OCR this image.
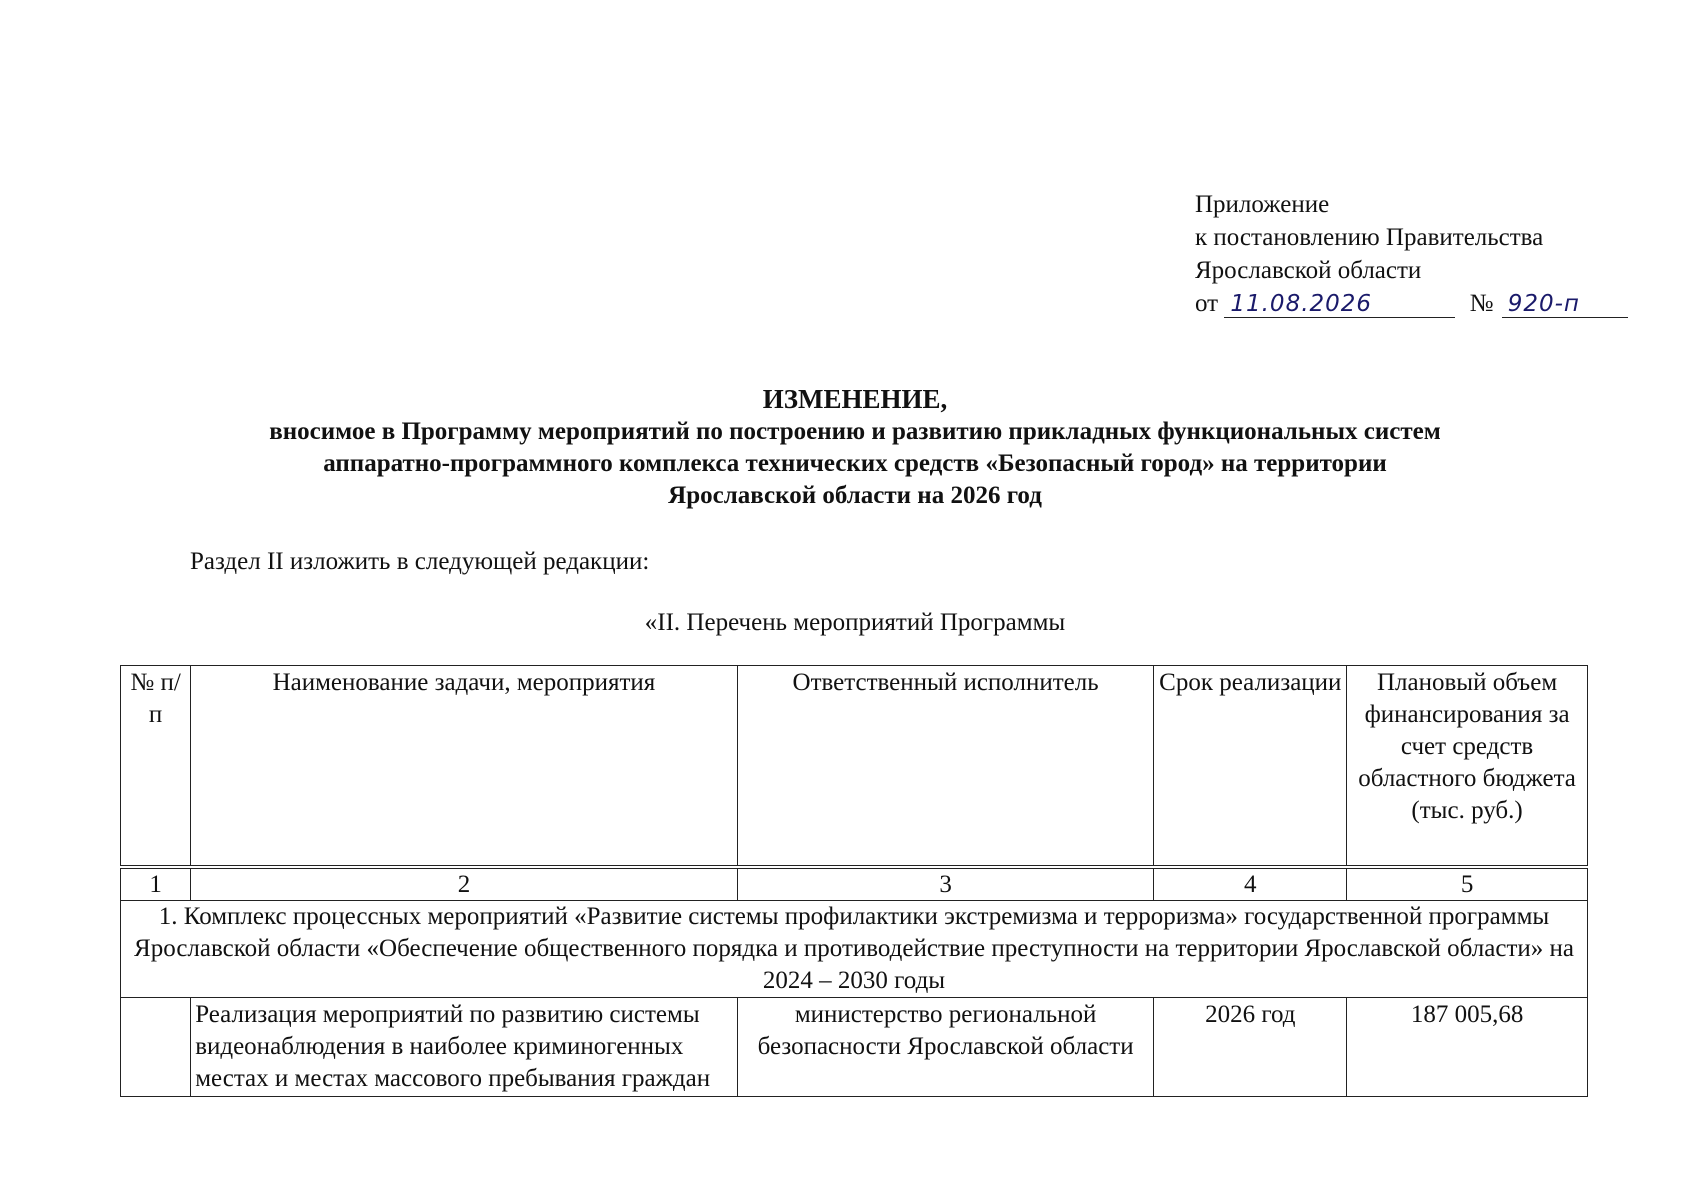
Приложение
к постановлению Правительства
Ярославской области
от 11.08.2026	№ 920-п
ИЗМЕНЕНИЕ,
вносимое в Программу мероприятий по построению и развитию прикладных функциональных систем
аппаратно-программного комплекса технических средств «Безопасный город» на территории
Ярославской области на 2026 год
Раздел II изложить в следующей редакции:
«II. Перечень мероприятий Программы
№ п/п	Наименование задачи, мероприятия	Ответственный исполнитель	Срок реализации	Плановый объем финансирования за счет средств областного бюджета (тыс. руб.)
1	2	3	4	5
1. Комплекс процессных мероприятий «Развитие системы профилактики экстремизма и терроризма» государственной программы Ярославской области «Обеспечение общественного порядка и противодействие преступности на территории Ярославской области» на 2024 – 2030 годы				
	Реализация мероприятий по развитию системы видеонаблюдения в наиболее криминогенных местах и местах массового пребывания граждан	министерство региональной безопасности Ярославской области	2026 год	187 005,68
